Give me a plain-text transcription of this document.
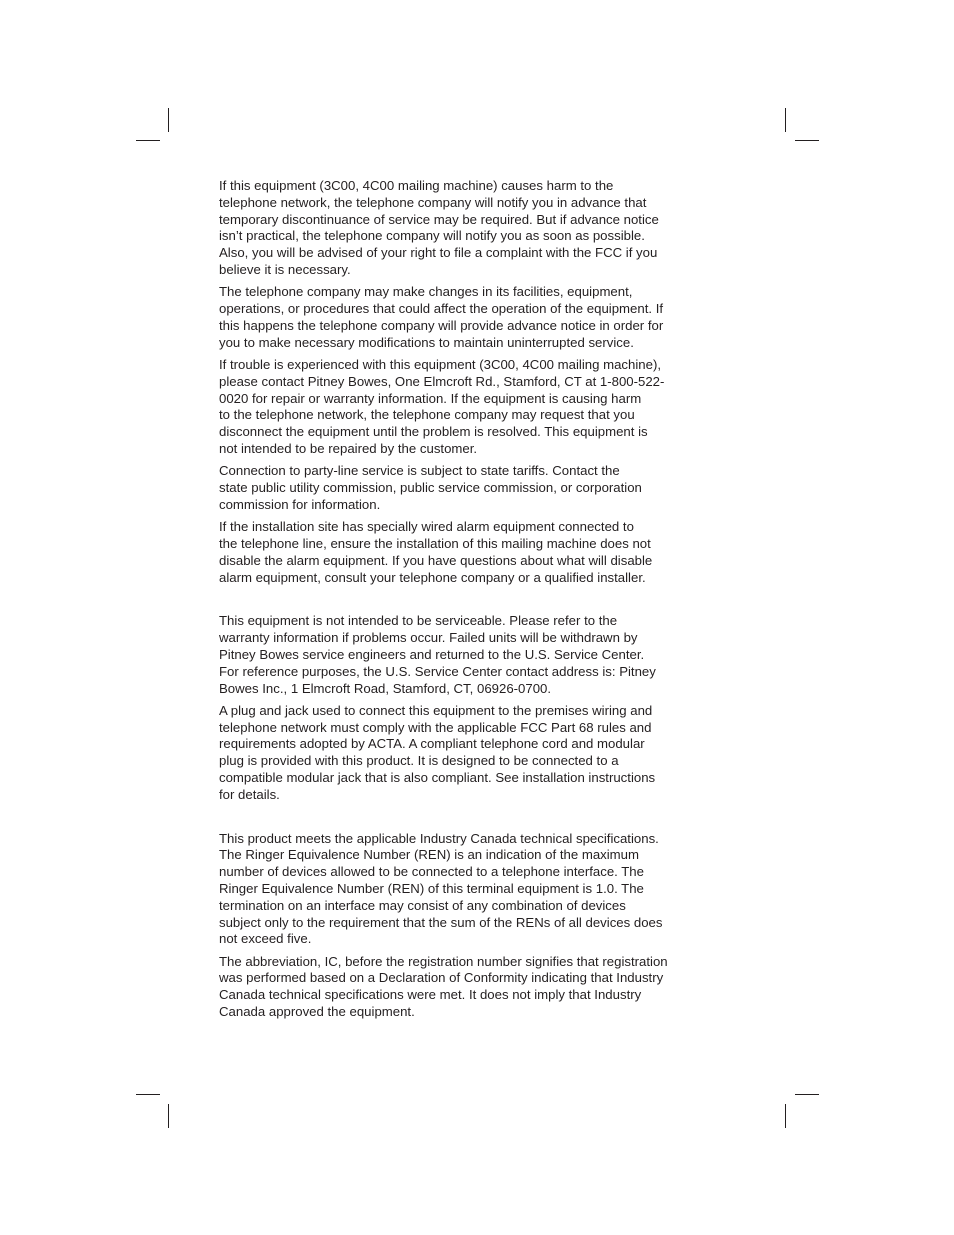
If this equipment (3C00, 4C00 mailing machine) causes harm to the
telephone network, the telephone company will notify you in advance that
temporary discontinuance of service may be required. But if advance notice
isn’t practical, the telephone company will notify you as soon as possible.
Also, you will be advised of your right to file a complaint with the FCC if you
believe it is necessary.

The telephone company may make changes in its facilities, equipment,
operations, or procedures that could affect the operation of the equipment. If
this happens the telephone company will provide advance notice in order for
you to make necessary modifications to maintain uninterrupted service.

If trouble is experienced with this equipment (3C00, 4C00 mailing machine),
please contact Pitney Bowes, One Elmcroft Rd., Stamford, CT at 1-800-522-
0020 for repair or warranty information. If the equipment is causing harm
to the telephone network, the telephone company may request that you
disconnect the equipment until the problem is resolved. This equipment is
not intended to be repaired by the customer.

Connection to party-line service is subject to state tariffs. Contact the
state public utility commission, public service commission, or corporation
commission for information.

If the installation site has specially wired alarm equipment connected to
the telephone line, ensure the installation of this mailing machine does not
disable the alarm equipment. If you have questions about what will disable
alarm equipment, consult your telephone company or a qualified installer.

This equipment is not intended to be serviceable. Please refer to the
warranty information if problems occur. Failed units will be withdrawn by
Pitney Bowes service engineers and returned to the U.S. Service Center.
For reference purposes, the U.S. Service Center contact address is: Pitney
Bowes Inc., 1 Elmcroft Road, Stamford, CT, 06926-0700.

A plug and jack used to connect this equipment to the premises wiring and
telephone network must comply with the applicable FCC Part 68 rules and
requirements adopted by ACTA. A compliant telephone cord and modular
plug is provided with this product. It is designed to be connected to a
compatible modular jack that is also compliant. See installation instructions
for details.

This product meets the applicable Industry Canada technical specifications.
The Ringer Equivalence Number (REN) is an indication of the maximum
number of devices allowed to be connected to a telephone interface. The
Ringer Equivalence Number (REN) of this terminal equipment is 1.0. The
termination on an interface may consist of any combination of devices
subject only to the requirement that the sum of the RENs of all devices does
not exceed five.

The abbreviation, IC, before the registration number signifies that registration
was performed based on a Declaration of Conformity indicating that Industry
Canada technical specifications were met. It does not imply that Industry
Canada approved the equipment.
